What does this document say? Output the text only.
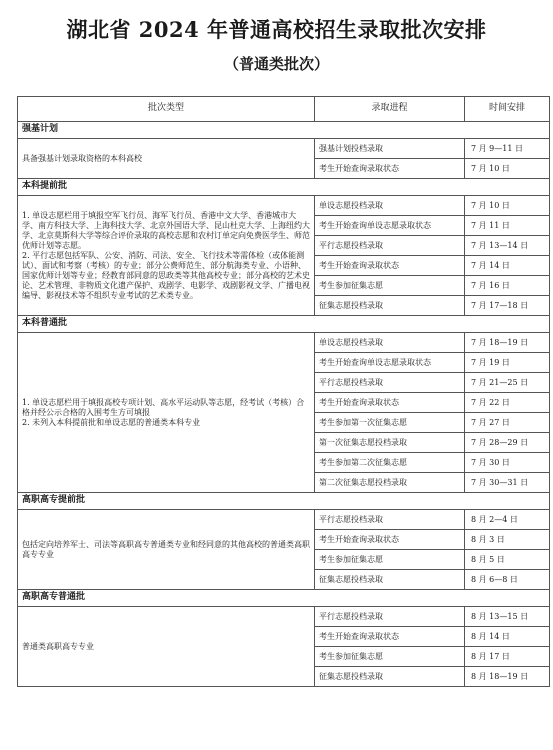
湖北省 2024 年普通高校招生录取批次安排
（普通类批次）
批次类型	录取进程	时间安排
强基计划		
具备强基计划录取资格的本科高校	强基计划投档录取	7 月 9—11 日
	考生开始查询录取状态	7 月 10 日
本科提前批		
1. 单设志愿栏用于填报空军飞行员、海军飞行员、香港中文大学、香港城市大学、南方科技大学、上海科技大学、北京外国语大学、昆山杜克大学、上海纽约大学、北京莫斯科大学等综合评价录取的高校志愿和农村订单定向免费医学生、师范优师计划等志愿。
2. 平行志愿包括军队、公安、消防、司法、安全、飞行技术等需体检（或体能测试）、面试和考察（考核）的专业；部分公费师范生、部分航海类专业、小语种、国家优师计划等专业；经教育部同意的思政类等其他高校专业；部分高校的艺术史论、艺术管理、非物质文化遗产保护、戏剧学、电影学、戏剧影视文学、广播电视编导、影视技术等不组织专业考试的艺术类专业。	单设志愿投档录取	7 月 10 日
	考生开始查询单设志愿录取状态	7 月 11 日
	平行志愿投档录取	7 月 13—14 日
	考生开始查询录取状态	7 月 14 日
	考生参加征集志愿	7 月 16 日
	征集志愿投档录取	7 月 17—18 日
本科普通批		
1. 单设志愿栏用于填报高校专项计划、高水平运动队等志愿，经考试（考核）合格并经公示合格的入围考生方可填报
2. 未列入本科提前批和单设志愿的普通类本科专业	单设志愿投档录取	7 月 18—19 日
	考生开始查询单设志愿录取状态	7 月 19 日
	平行志愿投档录取	7 月 21—25 日
	考生开始查询录取状态	7 月 22 日
	考生参加第一次征集志愿	7 月 27 日
	第一次征集志愿投档录取	7 月 28—29 日
	考生参加第二次征集志愿	7 月 30 日
	第二次征集志愿投档录取	7 月 30—31 日
高职高专提前批		
包括定向培养军士、司法等高职高专普通类专业和经同意的其他高校的普通类高职高专专业	平行志愿投档录取	8 月 2—4 日
	考生开始查询录取状态	8 月 3 日
	考生参加征集志愿	8 月 5 日
	征集志愿投档录取	8 月 6—8 日
高职高专普通批		
普通类高职高专专业	平行志愿投档录取	8 月 13—15 日
	考生开始查询录取状态	8 月 14 日
	考生参加征集志愿	8 月 17 日
	征集志愿投档录取	8 月 18—19 日
